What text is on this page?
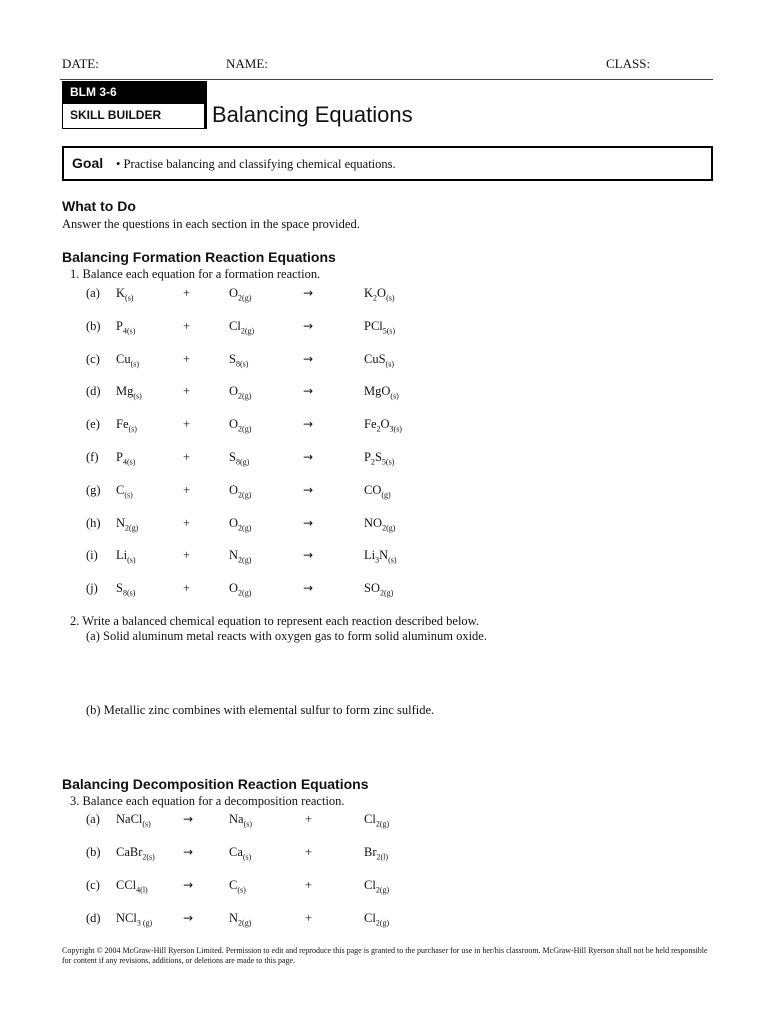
DATE:	NAME:	CLASS:
BLM 3-6
SKILL BUILDER	Balancing Equations
Goal • Practise balancing and classifying chemical equations.
What to Do
Answer the questions in each section in the space provided.
Balancing Formation Reaction Equations
1. Balance each equation for a formation reaction.
(a) $K_{(s)}$	+	$O_{2(g)}$	→	$K_2O_{(s)}$
(b) $P_{4(s)}$	+	$Cl_{2(g)}$	→	PCl$_{5(s)}$
(c) $Cu_{(s)}$	+	$S_{8(s)}$	→	CuS$_{(s)}$
(d) $Mg_{(s)}$	+	$O_{2(g)}$	→	MgO$_{(s)}$
(e) $Fe_{(s)}$	+	$O_{2(g)}$	→	$Fe_2O_{3(s)}$
(f) $P_{4(s)}$	+	$S_{8(g)}$	→	$P_2S_{5(s)}$
(g) $C_{(s)}$	+	$O_{2(g)}$	→	$CO_{(g)}$
(h) $N_{2(g)}$	+	$O_{2(g)}$	→	$NO_{2(g)}$
(i) $Li_{(s)}$	+	$N_{2(g)}$	→	$Li_3N_{(s)}$
(j) $S_{8(s)}$	+	$O_{2(g)}$	→	$SO_{2(g)}$
2. Write a balanced chemical equation to represent each reaction described below.
(a) Solid aluminum metal reacts with oxygen gas to form solid aluminum oxide.
(b) Metallic zinc combines with elemental sulfur to form zinc sulfide.
Balancing Decomposition Reaction Equations
3. Balance each equation for a decomposition reaction.
(a) NaCl$_{(s)}$	→	$Na_{(s)}$	+	$Cl_{2(g)}$
(b) CaBr$_{2(s)}$ →	$Ca_{(s)}$	+	$Br_{2(l)}$
(c) CCl$_{4(l)}$	→	$C_{(s)}$	+	$Cl_{2(g)}$
(d) NCl$_{3 (g)}$	→	$N_{2(g)}$	+	$Cl_{2(g)}$
Copyright © 2004 McGraw-Hill Ryerson Limited. Permission to edit and reproduce this page is granted to the purchaser for use in her/his classroom. McGraw-Hill Ryerson shall not be held responsible for content if any revisions, additions, or deletions are made to this page.
